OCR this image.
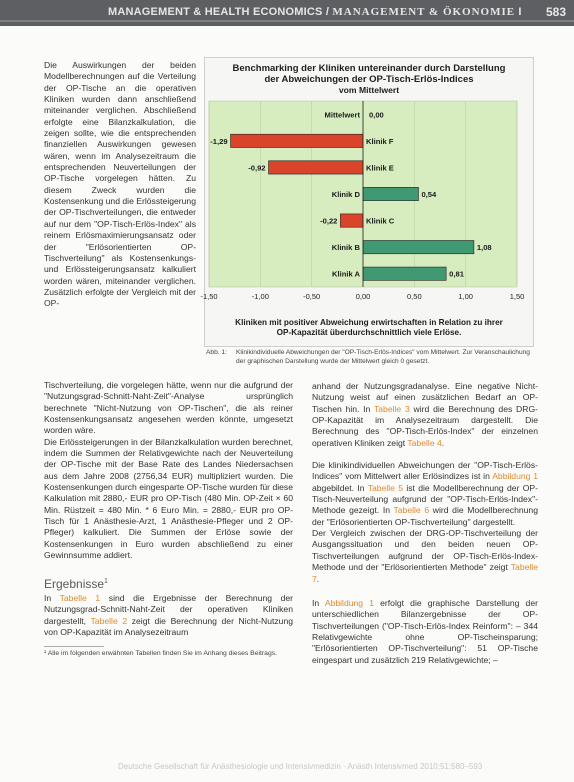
MANAGEMENT & HEALTH ECONOMICS / MANAGEMENT & ÖKONOMIE I 583

Die Auswirkungen der beiden Modellberechnungen auf die Verteilung der OP-Tische an die operativen Kliniken wurden dann anschließend miteinander verglichen. Abschließend erfolgte eine Bilanzkalkulation, die zeigen sollte, wie die entsprechenden finanziellen Auswirkungen gewesen wären, wenn im Analysezeitraum die entsprechenden Neuverteilungen der OP-Tische vorgelegen hätten. Zu diesem Zweck wurden die Kostensenkung und die Erlössteigerung der OP-Tischverteilungen, die entweder auf nur dem "OP-Tisch-Erlös-Index" als reinem Erlösmaximierungsansatz oder der "Erlösorientierten OP-Tischverteilung" als Kostensenkungs- und Erlössteigerungsansatz kalkuliert worden wären, miteinander verglichen. Zusätzlich erfolgte der Vergleich mit der OP-

Benchmarking der Kliniken untereinander durch Darstellung
der Abweichungen der OP-Tisch-Erlös-Indices
vom Mittelwert
-1,50	-1,00	-0,50	0,00	0,50	1,00	1,50
Mittelwert 0,00
Klinik F
-1,29
Klinik E
-0,92
Klinik D	0,54
Klinik C
-0,22
Klinik B	1,08
Klinik A	0,81
Kliniken mit positiver Abweichung erwirtschaften in Relation zu ihrer
OP-Kapazität überdurchschnittlich viele Erlöse.
Abb. 1: Klinikindividuelle Abweichungen der "OP-Tisch-Erlös-Indices" vom Mittelwert. Zur Veranschaulichung der graphischen Darstellung wurde der Mittelwert gleich 0 gesetzt.

Tischverteilung, die vorgelegen hätte, wenn nur die aufgrund der "Nutzungsgrad-Schnitt-Naht-Zeit"-Analyse ursprünglich berechnete "Nicht-Nutzung von OP-Tischen", die als reiner Kostensenkungsansatz angesehen werden könnte, umgesetzt worden wäre.

Die Erlössteigerungen in der Bilanzkalkulation wurden berechnet, indem die Summen der Relativgewichte nach der Neuverteilung der OP-Tische mit der Base Rate des Landes Niedersachsen aus dem Jahre 2008 (2756,34 EUR) multipliziert wurden. Die Kostensenkungen durch eingesparte OP-Tische wurden für diese Kalkulation mit 2880,- EUR pro OP-Tisch (480 Min. OP-Zeit × 60 Min. Rüstzeit = 480 Min. * 6 Euro Min. = 2880,- EUR pro OP-Tisch für 1 Anästhesie-Arzt, 1 Anästhesie-Pfleger und 2 OP-Pfleger) kalkuliert. Die Summen der Erlöse sowie der Kostensenkungen in Euro wurden abschließend zu einer Gewinnsumme addiert.

Ergebnisse$^1$

In Tabelle 1 sind die Ergebnisse der Berechnung der Nutzungsgrad-Schnitt-Naht-Zeit der operativen Kliniken dargestellt, Tabelle 2 zeigt die Berechnung der Nicht-Nutzung von OP-Kapazität im Analysezeitraum

¹ Alle im folgenden erwähnten Tabellen finden Sie im Anhang dieses Beitrags.

anhand der Nutzungsgradanalyse. Eine negative Nicht-Nutzung weist auf einen zusätzlichen Bedarf an OP-Tischen hin. In Tabelle 3 wird die Berechnung des DRG-OP-Kapazität im Analysezeitraum dargestellt. Die Berechnung des "OP-Tisch-Erlös-Index" der einzelnen operativen Kliniken zeigt Tabelle 4.

Die klinikindividuellen Abweichungen der "OP-Tisch-Erlös-Indices" vom Mittelwert aller Erlösindizes ist in Abbildung 1 abgebildet. In Tabelle 5 ist die Modellberechnung der OP-Tisch-Neuverteilung aufgrund der "OP-Tisch-Erlös-Index"-Methode gezeigt. In Tabelle 6 wird die Modellberechnung der "Erlösorientierten OP-Tischverteilung" dargestellt.

Der Vergleich zwischen der DRG-OP-Tischverteilung der Ausgangssituation und den beiden neuen OP-Tischverteilungen aufgrund der OP-Tisch-Erlös-Index-Methode und der "Erlösorientierten Methode" zeigt Tabelle 7.

In Abbildung 1 erfolgt die graphische Darstellung der unterschiedlichen Bilanzergebnisse der OP-Tischverteilungen ("OP-Tisch-Erlös-Index Reinform": – 344 Relativgewichte ohne OP-Tischeinsparung; "Erlösorientierten OP-Tischverteilung": 51 OP-Tische eingespart und zusätzlich 219 Relativgewichte; –

Deutsche Gesellschaft für Anästhesiologie und Intensivmedizin · Anästh Intensivmed 2010;51:580–593
